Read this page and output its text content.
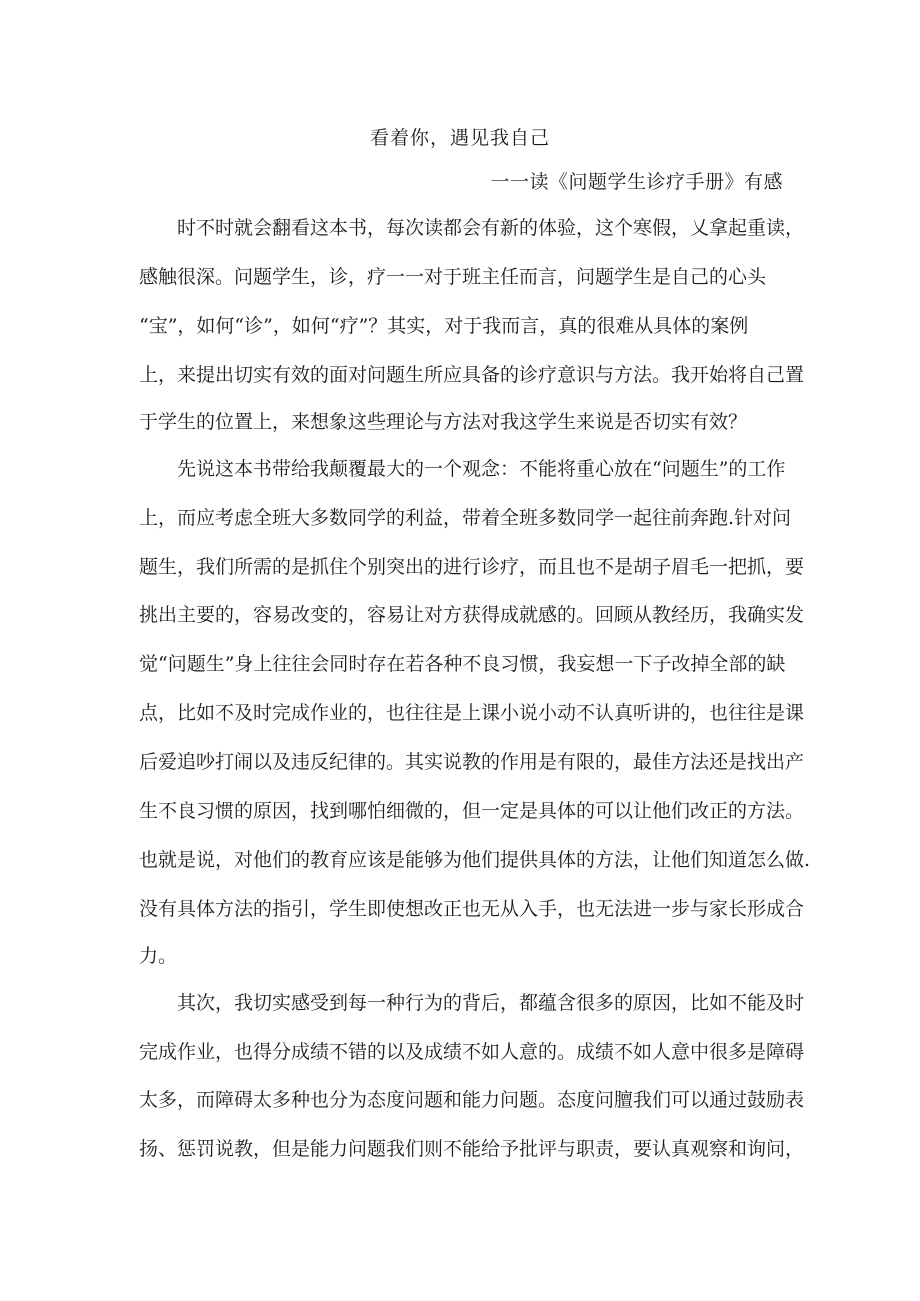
看着你，遇见我自己
一一读《问题学生诊疗手册》有感

　　时不时就会翻看这本书，每次读都会有新的体验，这个寒假，乂拿起重读，

感触很深。问题学生，诊，疗一一对于班主任而言，问题学生是自己的心头

“宝”，如何“诊”，如何“疗”？其实，对于我而言，真的很难从具体的案例

上，来提出切实有效的面对问题生所应具备的诊疗意识与方法。我开始将自己置

于学生的位置上，来想象这些理论与方法对我这学生来说是否切实有效？

　　先说这本书带给我颠覆最大的一个观念：不能将重心放在“问题生”的工作

上，而应考虑全班大多数同学的利益，带着全班多数同学一起往前奔跑.针对问

题生，我们所需的是抓住个别突出的进行诊疗，而且也不是胡子眉毛一把抓，要

挑出主要的，容易改变的，容易让对方获得成就感的。回顾从教经历，我确实发

觉“问题生”身上往往会同时存在若各种不良习惯，我妄想一下子改掉全部的缺

点，比如不及时完成作业的，也往往是上课小说小动不认真听讲的，也往往是课

后爱追吵打闹以及违反纪律的。其实说教的作用是有限的，最佳方法还是找出产

生不良习惯的原因，找到哪怕细微的，但一定是具体的可以让他们改正的方法。

也就是说，对他们的教育应该是能够为他们提供具体的方法，让他们知道怎么做.

没有具体方法的指引，学生即使想改正也无从入手，也无法进一步与家长形成合

力。

　　其次，我切实感受到每一种行为的背后，都蕴含很多的原因，比如不能及时

完成作业，也得分成绩不错的以及成绩不如人意的。成绩不如人意中很多是障碍

太多，而障碍太多种也分为态度问题和能力问题。态度问膻我们可以通过鼓励表

扬、惩罚说教，但是能力问题我们则不能给予批评与职责，要认真观察和询问，
